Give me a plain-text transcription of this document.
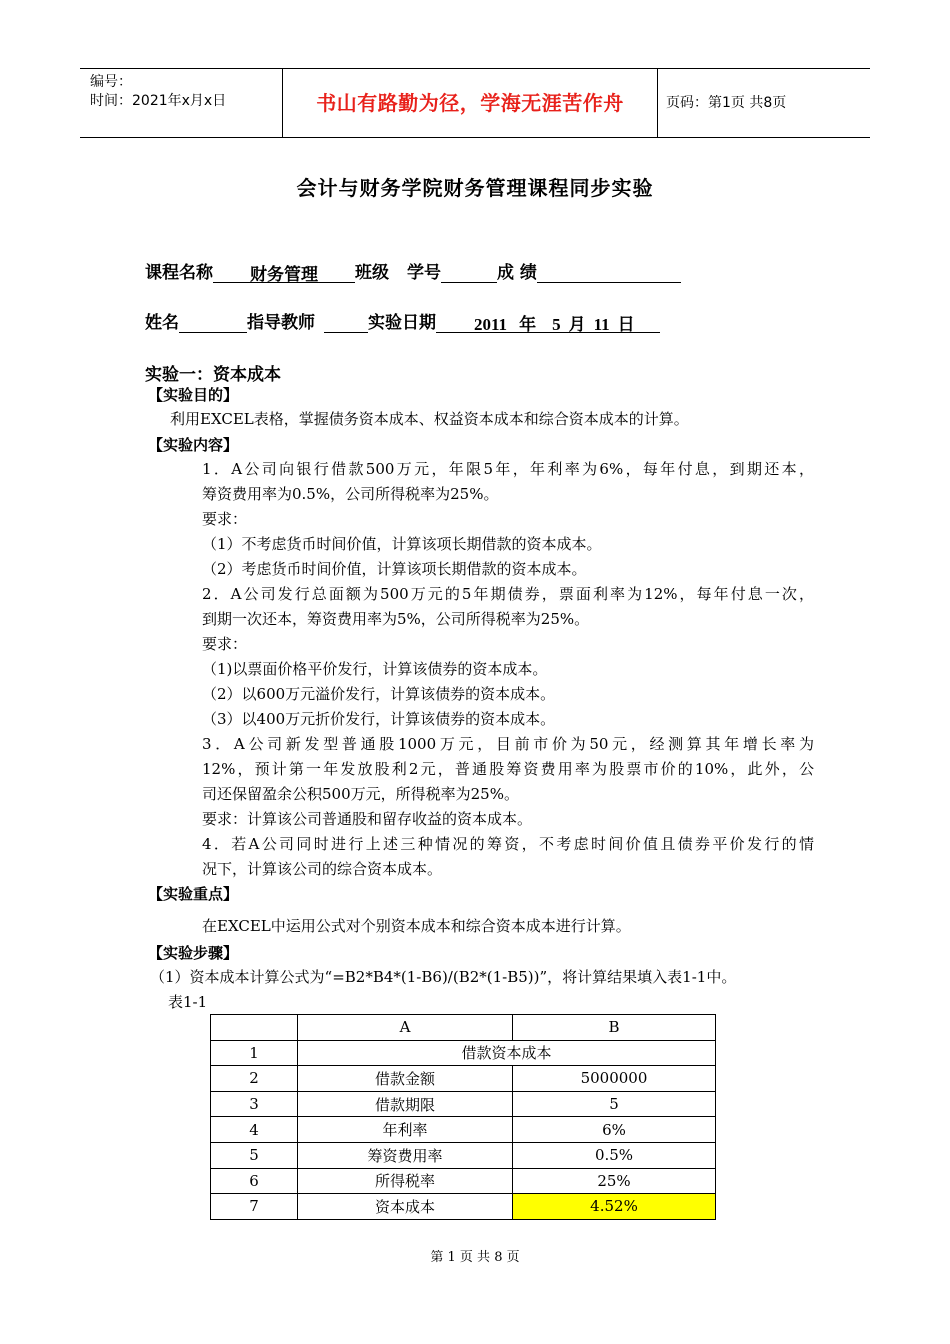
编号：
时间：2021年x月x日	书山有路勤为径，学海无涯苦作舟	页码：第1页 共8页
会计与财务学院财务管理课程同步实验
课程名称 财务管理 班级 学号	成 绩
姓名	指导教师	实验日期 2011 年 5 月 11 日
实验一：资本成本
【实验目的】
利用EXCEL表格，掌握债务资本成本、权益资本成本和综合资本成本的计算。
【实验内容】
1．A公司向银行借款500万元，年限5年，年利率为6%，每年付息，到期还本，
筹资费用率为0.5%，公司所得税率为25%。
要求：
（1）不考虑货币时间价值，计算该项长期借款的资本成本。
（2）考虑货币时间价值，计算该项长期借款的资本成本。
2．A公司发行总面额为500万元的5年期债券，票面利率为12%，每年付息一次，
到期一次还本，筹资费用率为5%，公司所得税率为25%。
要求：
（1)以票面价格平价发行，计算该债券的资本成本。
（2）以600万元溢价发行，计算该债券的资本成本。
（3）以400万元折价发行，计算该债券的资本成本。
3．A公司新发型普通股1000万元，目前市价为50元，经测算其年增长率为
12%，预计第一年发放股利2元，普通股筹资费用率为股票市价的10%，此外，公
司还保留盈余公积500万元，所得税率为25%。
要求：计算该公司普通股和留存收益的资本成本。
4．若A公司同时进行上述三种情况的筹资，不考虑时间价值且债券平价发行的情
况下，计算该公司的综合资本成本。
【实验重点】
在EXCEL中运用公式对个别资本成本和综合资本成本进行计算。
【实验步骤】
（1）资本成本计算公式为“=B2*B4*(1-B6)/(B2*(1-B5))”，将计算结果填入表1-1中。
表1-1
	A	B
1	借款资本成本	
2	借款金额	5000000
3	借款期限	5
4	年利率	6%
5	筹资费用率	0.5%
6	所得税率	25%
7	资本成本	4.52%
第 1 页 共 8 页
